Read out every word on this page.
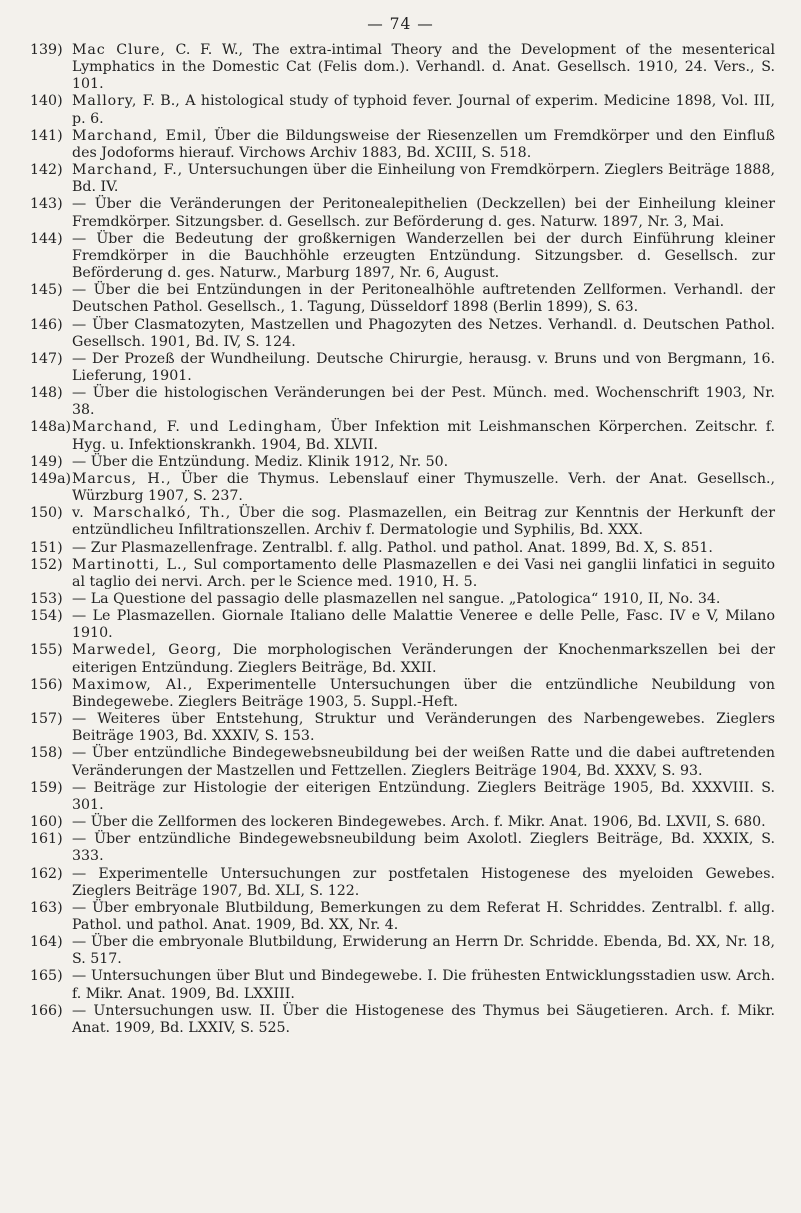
— 74 —
139) Mac Clure, C. F. W., The extra-intimal Theory and the Development of the mesenterical Lymphatics in the Domestic Cat (Felis dom.). Verhandl. d. Anat. Gesellsch. 1910, 24. Vers., S. 101.
140) Mallory, F. B., A histological study of typhoid fever. Journal of experim. Medicine 1898, Vol. III, p. 6.
141) Marchand, Emil, Über die Bildungsweise der Riesenzellen um Fremdkörper und den Einfluß des Jodoforms hierauf. Virchows Archiv 1883, Bd. XCIII, S. 518.
142) Marchand, F., Untersuchungen über die Einheilung von Fremdkörpern. Zieglers Beiträge 1888, Bd. IV.
143) — Über die Veränderungen der Peritonealepithelien (Deckzellen) bei der Einheilung kleiner Fremdkörper. Sitzungsber. d. Gesellsch. zur Beförderung d. ges. Naturw. 1897, Nr. 3, Mai.
144) — Über die Bedeutung der großkernigen Wanderzellen bei der durch Einführung kleiner Fremdkörper in die Bauchhöhle erzeugten Entzündung. Sitzungsber. d. Gesellsch. zur Beförderung d. ges. Naturw., Marburg 1897, Nr. 6, August.
145) — Über die bei Entzündungen in der Peritonealhöhle auftretenden Zellformen. Verhandl. der Deutschen Pathol. Gesellsch., 1. Tagung, Düsseldorf 1898 (Berlin 1899), S. 63.
146) — Über Clasmatozyten, Mastzellen und Phagozyten des Netzes. Verhandl. d. Deutschen Pathol. Gesellsch. 1901, Bd. IV, S. 124.
147) — Der Prozeß der Wundheilung. Deutsche Chirurgie, herausg. v. Bruns und von Bergmann, 16. Lieferung, 1901.
148) — Über die histologischen Veränderungen bei der Pest. Münch. med. Wochenschrift 1903, Nr. 38.
148a) Marchand, F. und Ledingham, Über Infektion mit Leishmanschen Körperchen. Zeitschr. f. Hyg. u. Infektionskrankh. 1904, Bd. XLVII.
149) — Über die Entzündung. Mediz. Klinik 1912, Nr. 50.
149a) Marcus, H., Über die Thymus. Lebenslauf einer Thymuszelle. Verh. der Anat. Gesellsch., Würzburg 1907, S. 237.
150) v. Marschalkó, Th., Über die sog. Plasmazellen, ein Beitrag zur Kenntnis der Herkunft der entzündlicheu Infiltrationszellen. Archiv f. Dermatologie und Syphilis, Bd. XXX.
151) — Zur Plasmazellenfrage. Zentralbl. f. allg. Pathol. und pathol. Anat. 1899, Bd. X, S. 851.
152) Martinotti, L., Sul comportamento delle Plasmazellen e dei Vasi nei ganglii linfatici in seguito al taglio dei nervi. Arch. per le Science med. 1910, H. 5.
153) — La Questione del passagio delle plasmazellen nel sangue. „Patologica“ 1910, II, No. 34.
154) — Le Plasmazellen. Giornale Italiano delle Malattie Veneree e delle Pelle, Fasc. IV e V, Milano 1910.
155) Marwedel, Georg, Die morphologischen Veränderungen der Knochenmarkszellen bei der eiterigen Entzündung. Zieglers Beiträge, Bd. XXII.
156) Maximow, Al., Experimentelle Untersuchungen über die entzündliche Neubildung von Bindegewebe. Zieglers Beiträge 1903, 5. Suppl.-Heft.
157) — Weiteres über Entstehung, Struktur und Veränderungen des Narbengewebes. Zieglers Beiträge 1903, Bd. XXXIV, S. 153.
158) — Über entzündliche Bindegewebsneubildung bei der weißen Ratte und die dabei auftretenden Veränderungen der Mastzellen und Fettzellen. Zieglers Beiträge 1904, Bd. XXXV, S. 93.
159) — Beiträge zur Histologie der eiterigen Entzündung. Zieglers Beiträge 1905, Bd. XXXVIII. S. 301.
160) — Über die Zellformen des lockeren Bindegewebes. Arch. f. Mikr. Anat. 1906, Bd. LXVII, S. 680.
161) — Über entzündliche Bindegewebsneubildung beim Axolotl. Zieglers Beiträge, Bd. XXXIX, S. 333.
162) — Experimentelle Untersuchungen zur postfetalen Histogenese des myeloiden Gewebes. Zieglers Beiträge 1907, Bd. XLI, S. 122.
163) — Über embryonale Blutbildung, Bemerkungen zu dem Referat H. Schriddes. Zentralbl. f. allg. Pathol. und pathol. Anat. 1909, Bd. XX, Nr. 4.
164) — Über die embryonale Blutbildung, Erwiderung an Herrn Dr. Schridde. Ebenda, Bd. XX, Nr. 18, S. 517.
165) — Untersuchungen über Blut und Bindegewebe. I. Die frühesten Entwicklungsstadien usw. Arch. f. Mikr. Anat. 1909, Bd. LXXIII.
166) — Untersuchungen usw. II. Über die Histogenese des Thymus bei Säugetieren. Arch. f. Mikr. Anat. 1909, Bd. LXXIV, S. 525.
